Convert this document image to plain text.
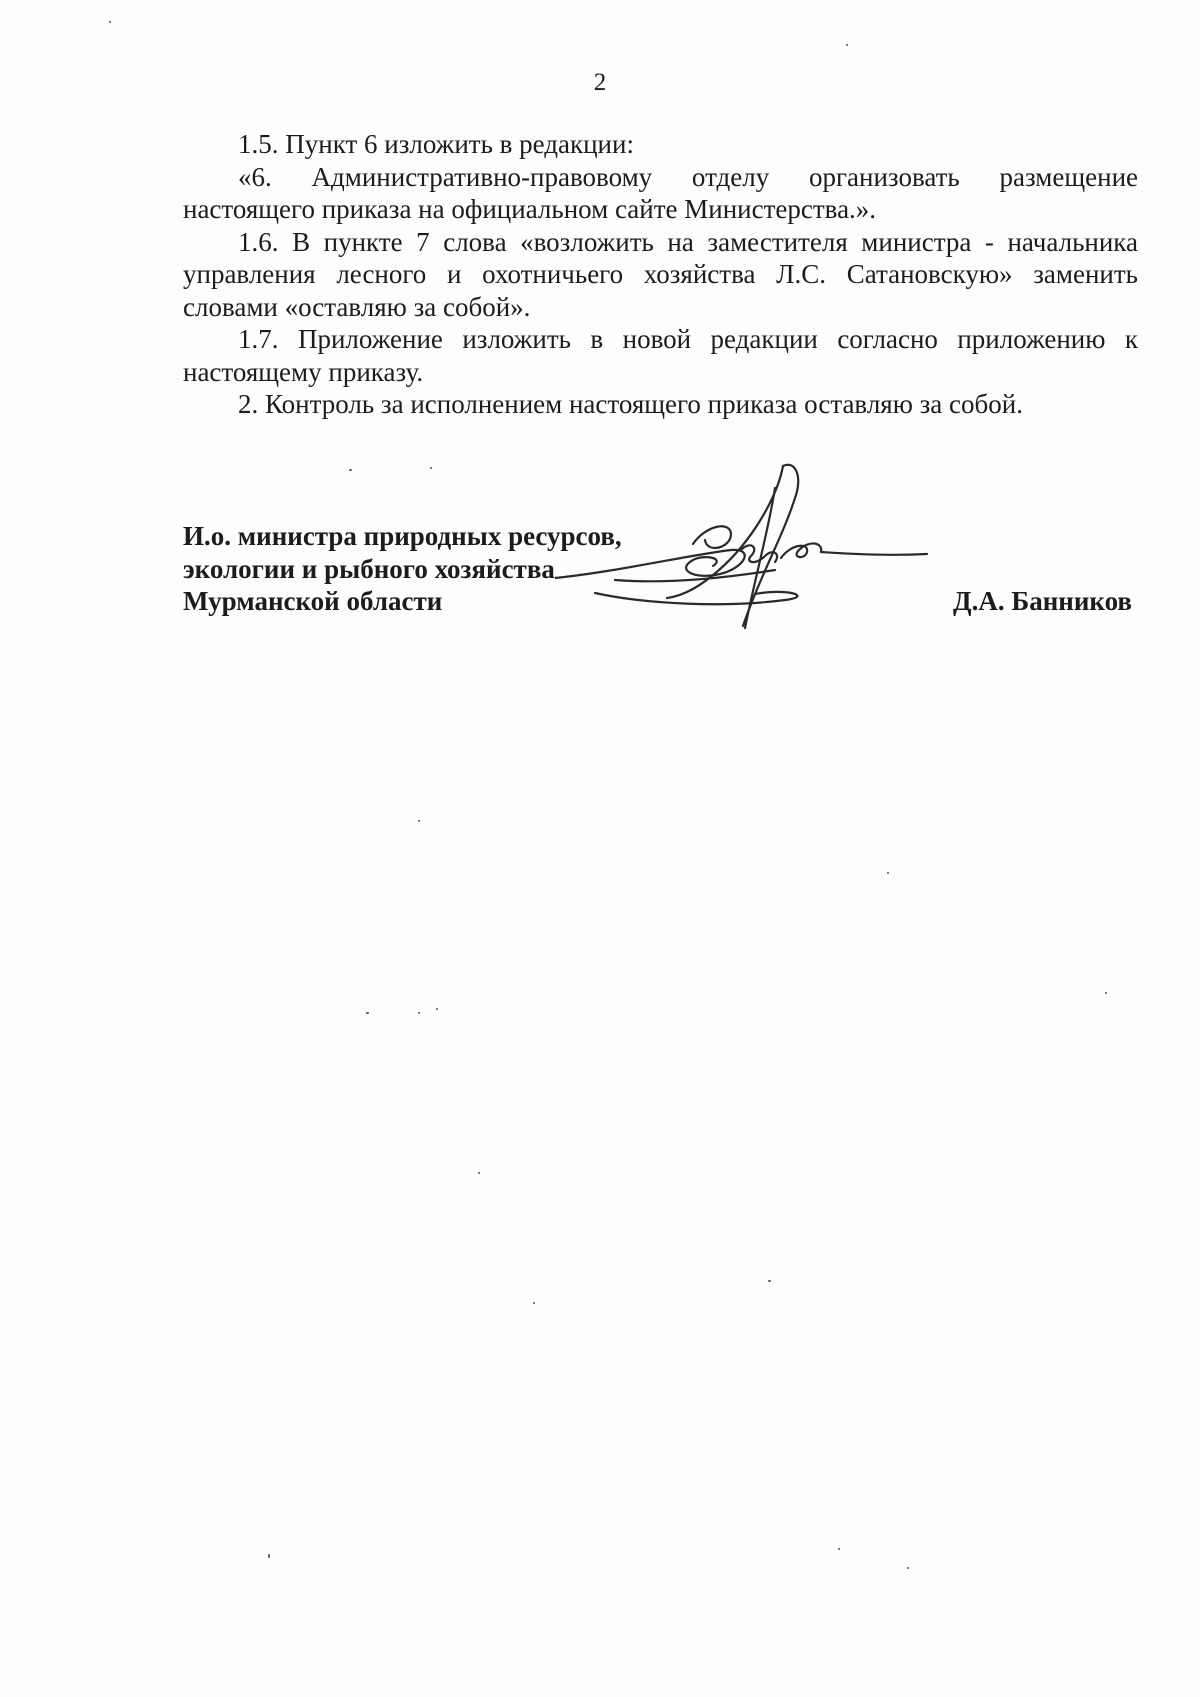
2

1.5. Пункт 6 изложить в редакции:

«6. Административно-правовому отделу организовать размещение настоящего приказа на официальном сайте Министерства.».

1.6. В пункте 7 слова «возложить на заместителя министра - начальника управления лесного и охотничьего хозяйства Л.С. Сатановскую» заменить словами «оставляю за собой».

1.7. Приложение изложить в новой редакции согласно приложению к настоящему приказу.

2. Контроль за исполнением настоящего приказа оставляю за собой.

И.о. министра природных ресурсов,
экологии и рыбного хозяйства
Мурманской области	Д.А. Банников
